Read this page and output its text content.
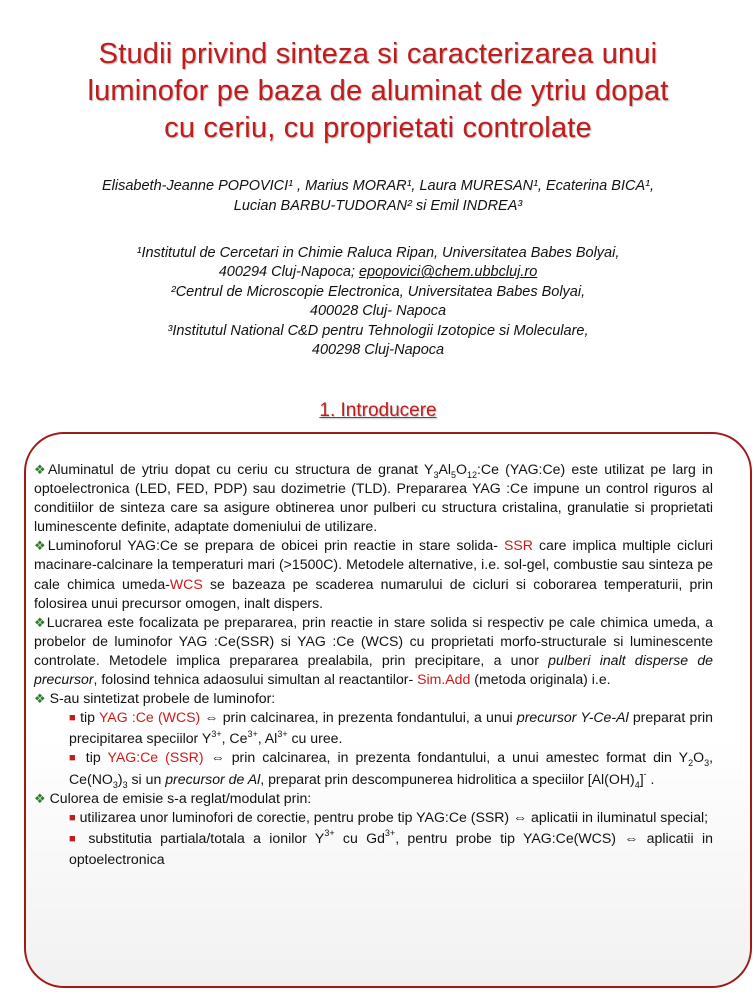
Studii privind sinteza si caracterizarea unui
luminofor pe baza de aluminat de ytriu dopat
cu ceriu, cu proprietati controlate
Elisabeth-Jeanne POPOVICI¹ , Marius MORAR¹, Laura MURESAN¹, Ecaterina BICA¹,
Lucian BARBU-TUDORAN² si Emil INDREA³
¹Institutul de Cercetari in Chimie Raluca Ripan, Universitatea Babes Bolyai,
400294 Cluj-Napoca; epopovici@chem.ubbcluj.ro
²Centrul de Microscopie Electronica, Universitatea Babes Bolyai,
400028 Cluj- Napoca
³Institutul National C&D pentru Tehnologii Izotopice si Moleculare,
400298 Cluj-Napoca
1. Introducere

❖Aluminatul de ytriu dopat cu ceriu cu structura de granat $Y_3Al_5O_{12}:Ce$ (YAG:Ce) este utilizat pe larg in optoelectronica (LED, FED, PDP) sau dozimetrie (TLD). Prepararea YAG :Ce impune un control riguros al conditiilor de sinteza care sa asigure obtinerea unor pulberi cu structura cristalina, granulatie si proprietati luminescente definite, adaptate domeniului de utilizare.

❖Luminoforul YAG:Ce se prepara de obicei prin reactie in stare solida- SSR care implica multiple cicluri macinare-calcinare la temperaturi mari (>1500C). Metodele alternative, i.e. sol-gel, combustie sau sinteza pe cale chimica umeda-WCS se bazeaza pe scaderea numarului de cicluri si coborarea temperaturii, prin folosirea unui precursor omogen, inalt dispers.

❖Lucrarea este focalizata pe prepararea, prin reactie in stare solida si respectiv pe cale chimica umeda, a probelor de luminofor YAG :Ce(SSR) si YAG :Ce (WCS) cu proprietati morfo-structurale si luminescente controlate. Metodele implica prepararea prealabila, prin precipitare, a unor pulberi inalt disperse de precursor, folosind tehnica adaosului simultan al reactantilor- Sim.Add (metoda originala) i.e.

❖ S-au sintetizat probele de luminofor:

■ tip YAG :Ce (WCS) ⇔ prin calcinarea, in prezenta fondantului, a unui precursor Y-Ce-Al preparat prin precipitarea speciilor $Y^{3+}$, $Ce^{3+}$, $Al^{3+}$ cu uree.

■ tip YAG:Ce (SSR) ⇔ prin calcinarea, in prezenta fondantului, a unui amestec format din $Y_2O_3$, $Ce(NO_3)_3$ si un precursor de Al, preparat prin descompunerea hidrolitica a speciilor $[Al(OH)_4]^-$ .

❖ Culorea de emisie s-a reglat/modulat prin:

■ utilizarea unor luminofori de corectie, pentru probe tip YAG:Ce (SSR) ⇔ aplicatii in iluminatul special;

■ substitutia partiala/totala a ionilor $Y^{3+}$ cu $Gd^{3+}$, pentru probe tip YAG:Ce(WCS) ⇔ aplicatii in optoelectronica
